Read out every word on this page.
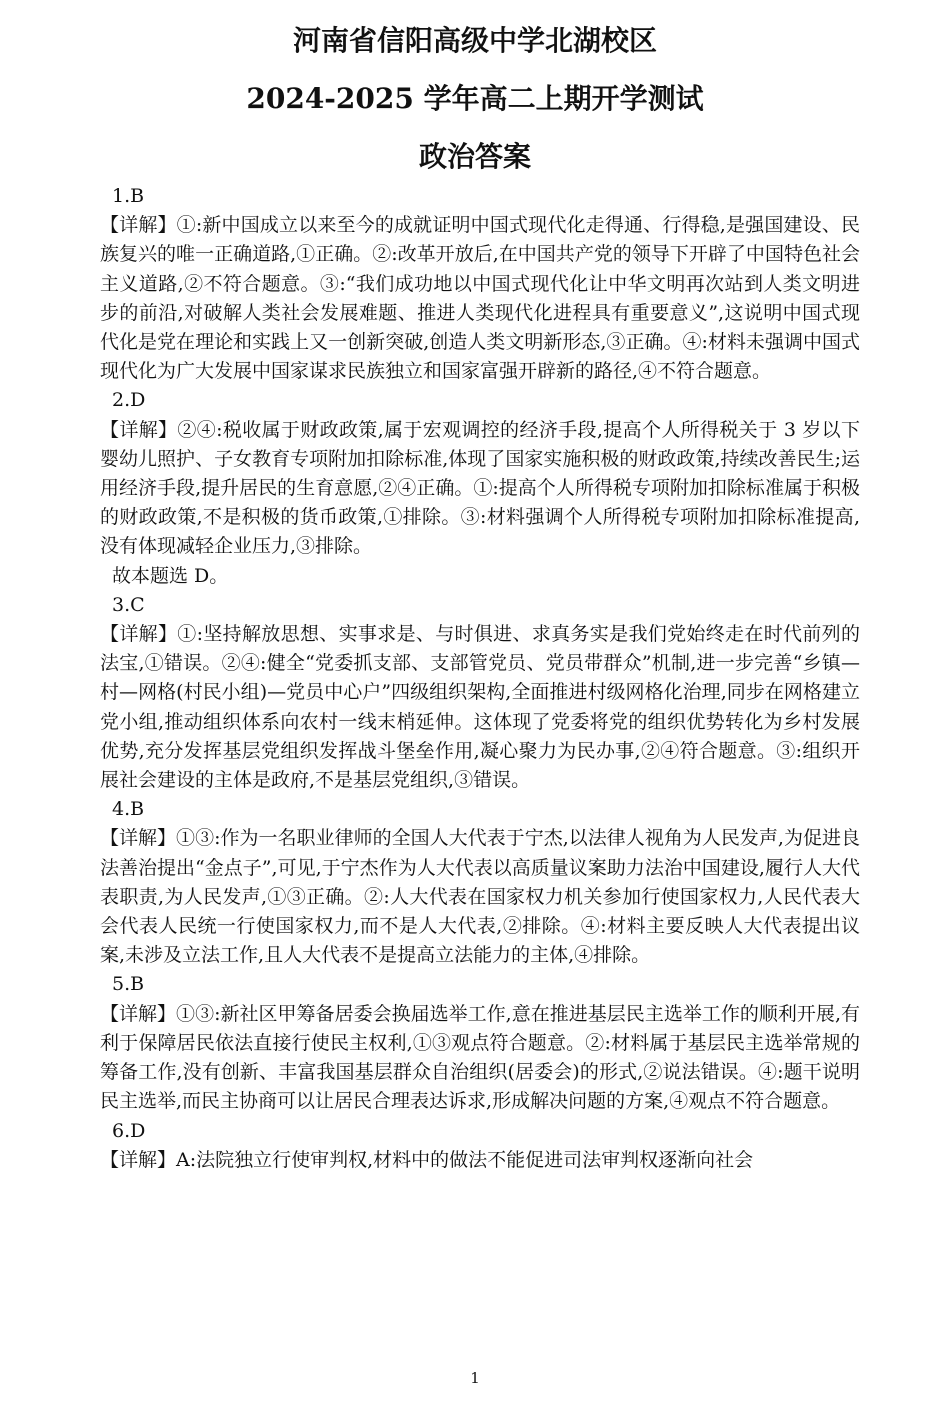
河南省信阳高级中学北湖校区
2024-2025 学年高二上期开学测试
政治答案
1.B
【详解】①:新中国成立以来至今的成就证明中国式现代化走得通、行得稳,是强国建设、民族复兴的唯一正确道路,①正确。②:改革开放后,在中国共产党的领导下开辟了中国特色社会主义道路,②不符合题意。③:“我们成功地以中国式现代化让中华文明再次站到人类文明进步的前沿,对破解人类社会发展难题、推进人类现代化进程具有重要意义”,这说明中国式现代化是党在理论和实践上又一创新突破,创造人类文明新形态,③正确。④:材料未强调中国式现代化为广大发展中国家谋求民族独立和国家富强开辟新的路径,④不符合题意。
2.D
【详解】②④:税收属于财政政策,属于宏观调控的经济手段,提高个人所得税关于 3 岁以下婴幼儿照护、子女教育专项附加扣除标准,体现了国家实施积极的财政政策,持续改善民生;运用经济手段,提升居民的生育意愿,②④正确。①:提高个人所得税专项附加扣除标准属于积极的财政政策,不是积极的货币政策,①排除。③:材料强调个人所得税专项附加扣除标准提高,没有体现减轻企业压力,③排除。
故本题选 D。
3.C
【详解】①:坚持解放思想、实事求是、与时俱进、求真务实是我们党始终走在时代前列的法宝,①错误。②④:健全“党委抓支部、支部管党员、党员带群众”机制,进一步完善“乡镇—村—网格(村民小组)—党员中心户”四级组织架构,全面推进村级网格化治理,同步在网格建立党小组,推动组织体系向农村一线末梢延伸。这体现了党委将党的组织优势转化为乡村发展优势,充分发挥基层党组织发挥战斗堡垒作用,凝心聚力为民办事,②④符合题意。③:组织开展社会建设的主体是政府,不是基层党组织,③错误。
4.B
【详解】①③:作为一名职业律师的全国人大代表于宁杰,以法律人视角为人民发声,为促进良法善治提出“金点子”,可见,于宁杰作为人大代表以高质量议案助力法治中国建设,履行人大代表职责,为人民发声,①③正确。②:人大代表在国家权力机关参加行使国家权力,人民代表大会代表人民统一行使国家权力,而不是人大代表,②排除。④:材料主要反映人大代表提出议案,未涉及立法工作,且人大代表不是提高立法能力的主体,④排除。
5.B
【详解】①③:新社区甲筹备居委会换届选举工作,意在推进基层民主选举工作的顺利开展,有利于保障居民依法直接行使民主权利,①③观点符合题意。②:材料属于基层民主选举常规的筹备工作,没有创新、丰富我国基层群众自治组织(居委会)的形式,②说法错误。④:题干说明民主选举,而民主协商可以让居民合理表达诉求,形成解决问题的方案,④观点不符合题意。
6.D
【详解】A:法院独立行使审判权,材料中的做法不能促进司法审判权逐渐向社会
1
